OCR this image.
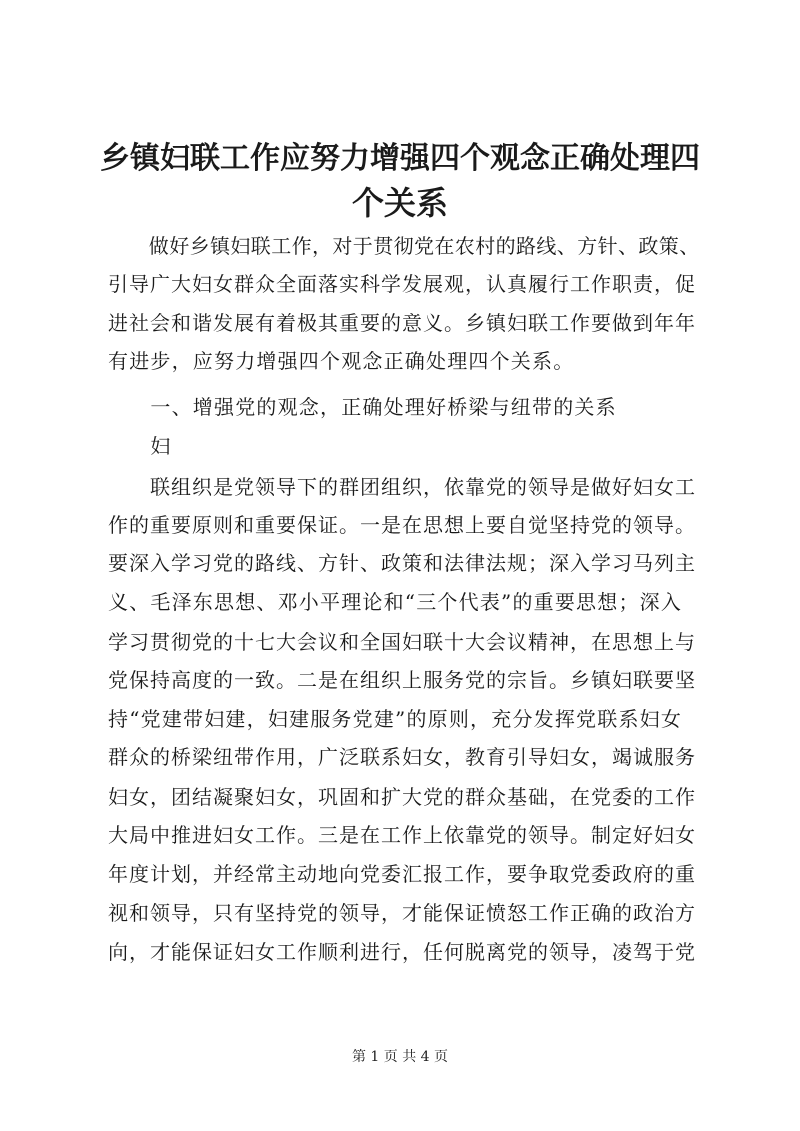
乡镇妇联工作应努力增强四个观念正确处理四
个关系
　　做好乡镇妇联工作，对于贯彻党在农村的路线、方针、政策、
引导广大妇女群众全面落实科学发展观，认真履行工作职责，促
进社会和谐发展有着极其重要的意义。乡镇妇联工作要做到年年
有进步，应努力增强四个观念正确处理四个关系。
　　一、增强党的观念，正确处理好桥梁与纽带的关系
　　妇
　　联组织是党领导下的群团组织，依靠党的领导是做好妇女工
作的重要原则和重要保证。一是在思想上要自觉坚持党的领导。
要深入学习党的路线、方针、政策和法律法规；深入学习马列主
义、毛泽东思想、邓小平理论和“三个代表”的重要思想；深入
学习贯彻党的十七大会议和全国妇联十大会议精神，在思想上与
党保持高度的一致。二是在组织上服务党的宗旨。乡镇妇联要坚
持“党建带妇建，妇建服务党建”的原则，充分发挥党联系妇女
群众的桥梁纽带作用，广泛联系妇女，教育引导妇女，竭诚服务
妇女，团结凝聚妇女，巩固和扩大党的群众基础，在党委的工作
大局中推进妇女工作。三是在工作上依靠党的领导。制定好妇女
年度计划，并经常主动地向党委汇报工作，要争取党委政府的重
视和领导，只有坚持党的领导，才能保证愤怒工作正确的政治方
向，才能保证妇女工作顺利进行，任何脱离党的领导，凌驾于党
第 1 页 共 4 页
